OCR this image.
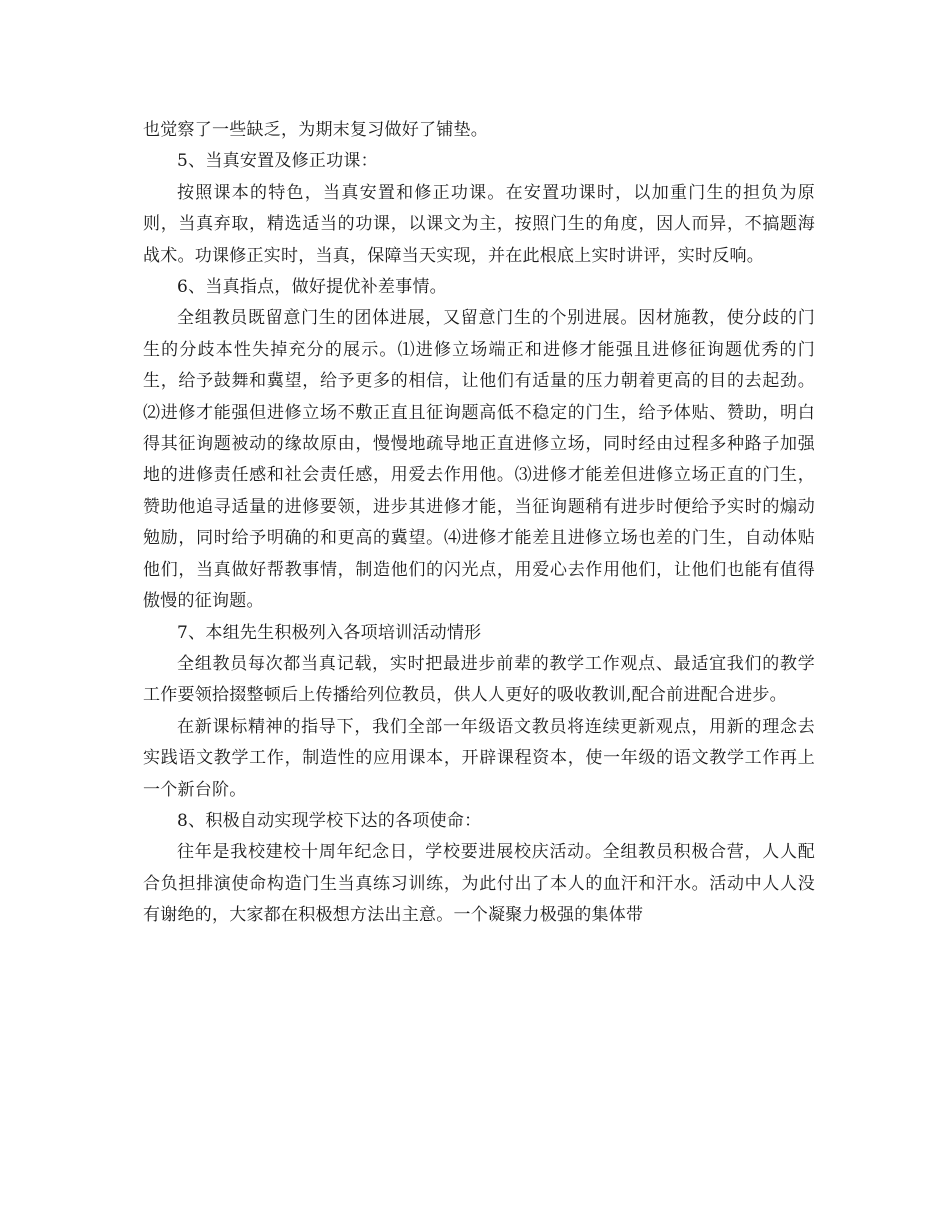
也觉察了一些缺乏，为期末复习做好了铺垫。

5、当真安置及修正功课：

按照课本的特色，当真安置和修正功课。在安置功课时，以加重门生的担负为原则，当真弃取，精选适当的功课，以课文为主，按照门生的角度，因人而异，不搞题海战术。功课修正实时，当真，保障当天实现，并在此根底上实时讲评，实时反响。

6、当真指点，做好提优补差事情。

全组教员既留意门生的团体进展，又留意门生的个别进展。因材施教，使分歧的门生的分歧本性失掉充分的展示。⑴进修立场端正和进修才能强且进修征询题优秀的门生，给予鼓舞和冀望，给予更多的相信，让他们有适量的压力朝着更高的目的去起劲。⑵进修才能强但进修立场不敷正直且征询题高低不稳定的门生，给予体贴、赞助，明白得其征询题被动的缘故原由，慢慢地疏导地正直进修立场，同时经由过程多种路子加强地的进修责任感和社会责任感，用爱去作用他。⑶进修才能差但进修立场正直的门生，赞助他追寻适量的进修要领，进步其进修才能，当征询题稍有进步时便给予实时的煽动勉励，同时给予明确的和更高的冀望。⑷进修才能差且进修立场也差的门生，自动体贴他们，当真做好帮教事情，制造他们的闪光点，用爱心去作用他们，让他们也能有值得傲慢的征询题。

7、本组先生积极列入各项培训活动情形

全组教员每次都当真记载，实时把最进步前辈的教学工作观点、最适宜我们的教学工作要领拾掇整顿后上传播给列位教员，供人人更好的吸收教训,配合前进配合进步。

在新课标精神的指导下，我们全部一年级语文教员将连续更新观点，用新的理念去实践语文教学工作，制造性的应用课本，开辟课程资本，使一年级的语文教学工作再上一个新台阶。

8、积极自动实现学校下达的各项使命：

往年是我校建校十周年纪念日，学校要进展校庆活动。全组教员积极合营，人人配合负担排演使命构造门生当真练习训练，为此付出了本人的血汗和汗水。活动中人人没有谢绝的，大家都在积极想方法出主意。一个凝聚力极强的集体带
